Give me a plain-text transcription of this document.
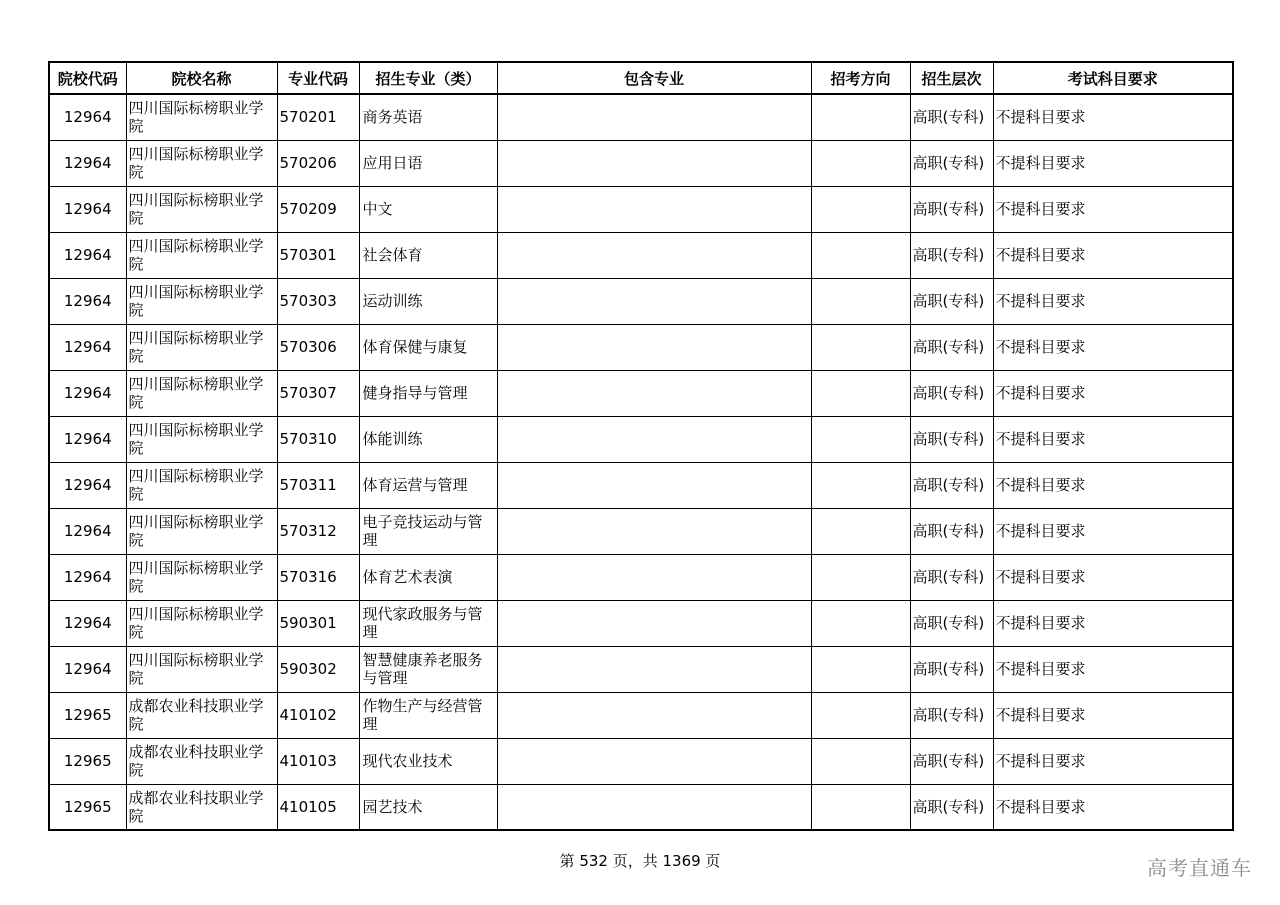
院校代码	院校名称	专业代码	招生专业（类）	包含专业	招考方向	招生层次	考试科目要求
12964	四川国际标榜职业学院	570201	商务英语			高职(专科)	不提科目要求
12964	四川国际标榜职业学院	570206	应用日语			高职(专科)	不提科目要求
12964	四川国际标榜职业学院	570209	中文			高职(专科)	不提科目要求
12964	四川国际标榜职业学院	570301	社会体育			高职(专科)	不提科目要求
12964	四川国际标榜职业学院	570303	运动训练			高职(专科)	不提科目要求
12964	四川国际标榜职业学院	570306	体育保健与康复			高职(专科)	不提科目要求
12964	四川国际标榜职业学院	570307	健身指导与管理			高职(专科)	不提科目要求
12964	四川国际标榜职业学院	570310	体能训练			高职(专科)	不提科目要求
12964	四川国际标榜职业学院	570311	体育运营与管理			高职(专科)	不提科目要求
12964	四川国际标榜职业学院	570312	电子竞技运动与管理			高职(专科)	不提科目要求
12964	四川国际标榜职业学院	570316	体育艺术表演			高职(专科)	不提科目要求
12964	四川国际标榜职业学院	590301	现代家政服务与管理			高职(专科)	不提科目要求
12964	四川国际标榜职业学院	590302	智慧健康养老服务与管理			高职(专科)	不提科目要求
12965	成都农业科技职业学院	410102	作物生产与经营管理			高职(专科)	不提科目要求
12965	成都农业科技职业学院	410103	现代农业技术			高职(专科)	不提科目要求
12965	成都农业科技职业学院	410105	园艺技术			高职(专科)	不提科目要求
第 532 页，共 1369 页	高考直通车
